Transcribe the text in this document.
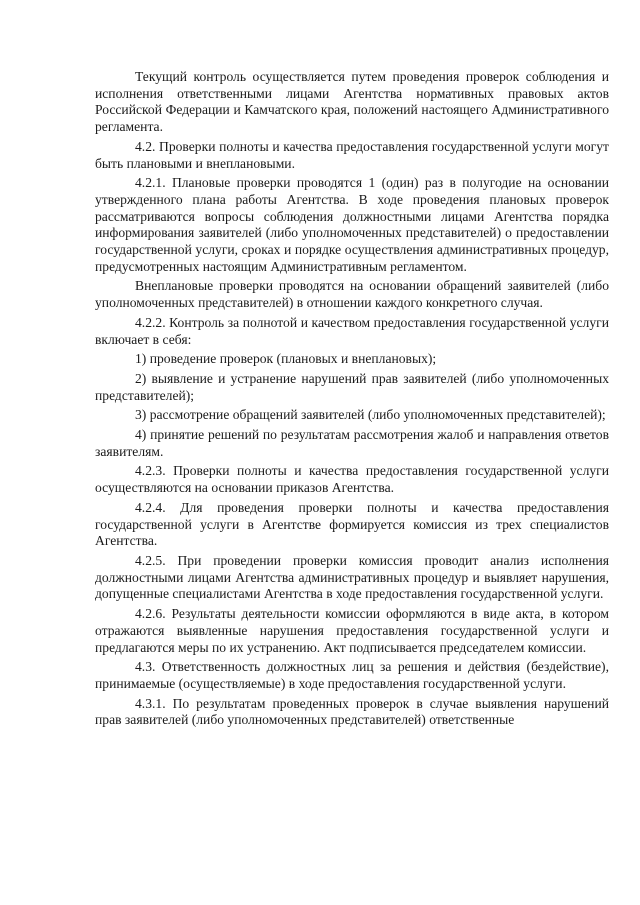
Текущий контроль осуществляется путем проведения проверок соблюдения и исполнения ответственными лицами Агентства нормативных правовых актов Российской Федерации и Камчатского края, положений настоящего Административного регламента.

4.2. Проверки полноты и качества предоставления государственной услуги могут быть плановыми и внеплановыми.

4.2.1. Плановые проверки проводятся 1 (один) раз в полугодие на основании утвержденного плана работы Агентства. В ходе проведения плановых проверок рассматриваются вопросы соблюдения должностными лицами Агентства порядка информирования заявителей (либо уполномоченных представителей) о предоставлении государственной услуги, сроках и порядке осуществления административных процедур, предусмотренных настоящим Административным регламентом.

Внеплановые проверки проводятся на основании обращений заявителей (либо уполномоченных представителей) в отношении каждого конкретного случая.

4.2.2. Контроль за полнотой и качеством предоставления государственной услуги включает в себя:

1) проведение проверок (плановых и внеплановых);

2) выявление и устранение нарушений прав заявителей (либо уполномоченных представителей);

3) рассмотрение обращений заявителей (либо уполномоченных представителей);

4) принятие решений по результатам рассмотрения жалоб и направления ответов заявителям.

4.2.3. Проверки полноты и качества предоставления государственной услуги осуществляются на основании приказов Агентства.

4.2.4. Для проведения проверки полноты и качества предоставления государственной услуги в Агентстве формируется комиссия из трех специалистов Агентства.

4.2.5. При проведении проверки комиссия проводит анализ исполнения должностными лицами Агентства административных процедур и выявляет нарушения, допущенные специалистами Агентства в ходе предоставления государственной услуги.

4.2.6. Результаты деятельности комиссии оформляются в виде акта, в котором отражаются выявленные нарушения предоставления государственной услуги и предлагаются меры по их устранению. Акт подписывается председателем комиссии.

4.3. Ответственность должностных лиц за решения и действия (бездействие), принимаемые (осуществляемые) в ходе предоставления государственной услуги.

4.3.1. По результатам проведенных проверок в случае выявления нарушений прав заявителей (либо уполномоченных представителей) ответственные
